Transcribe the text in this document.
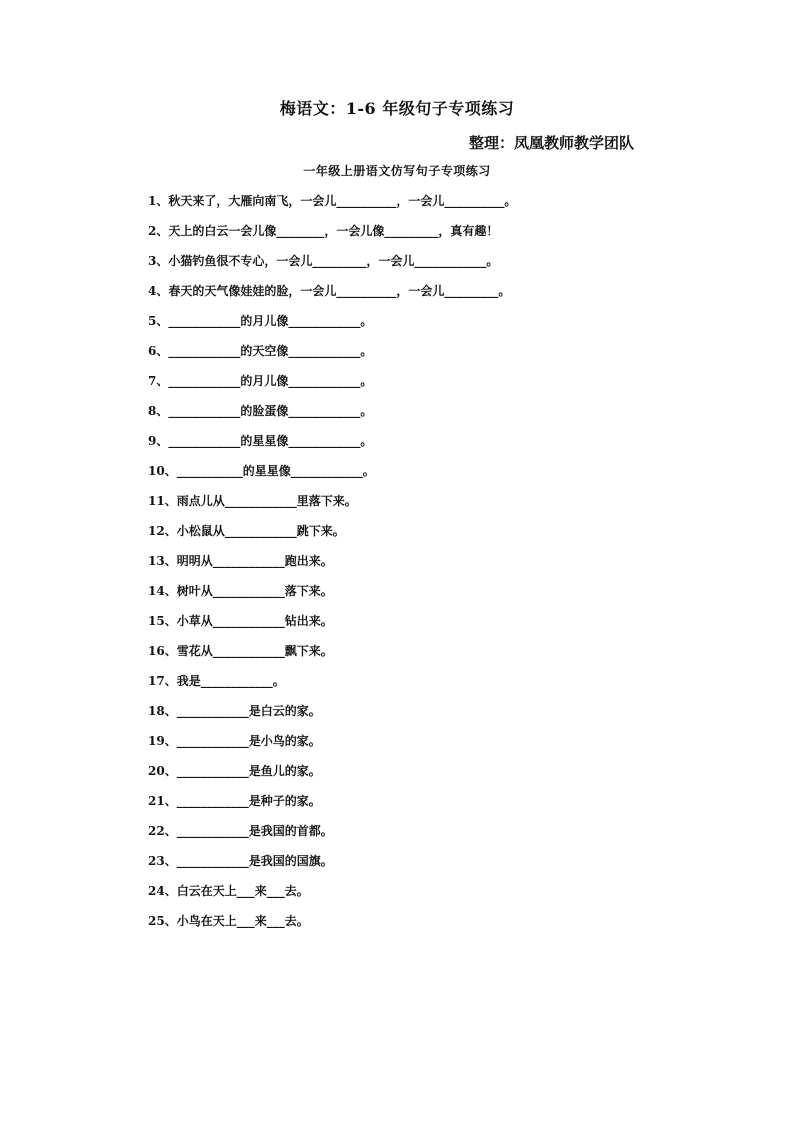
梅语文：1-6 年级句子专项练习
整理：凤凰教师教学团队
一年级上册语文仿写句子专项练习
1、秋天来了，大雁向南飞，一会儿__________，一会儿__________。
2、天上的白云一会儿像________，一会儿像_________，真有趣！
3、小猫钓鱼很不专心，一会儿_________，一会儿____________。
4、春天的天气像娃娃的脸，一会儿__________，一会儿_________。
5、____________的月儿像____________。
6、____________的天空像____________。
7、____________的月儿像____________。
8、____________的脸蛋像____________。
9、____________的星星像____________。
10、___________的星星像____________。
11、雨点儿从____________里落下来。
12、小松鼠从____________跳下来。
13、明明从____________跑出来。
14、树叶从____________落下来。
15、小草从____________钻出来。
16、雪花从____________飘下来。
17、我是____________。
18、____________是白云的家。
19、____________是小鸟的家。
20、____________是鱼儿的家。
21、____________是种子的家。
22、____________是我国的首都。
23、____________是我国的国旗。
24、白云在天上___来___去。
25、小鸟在天上___来___去。
